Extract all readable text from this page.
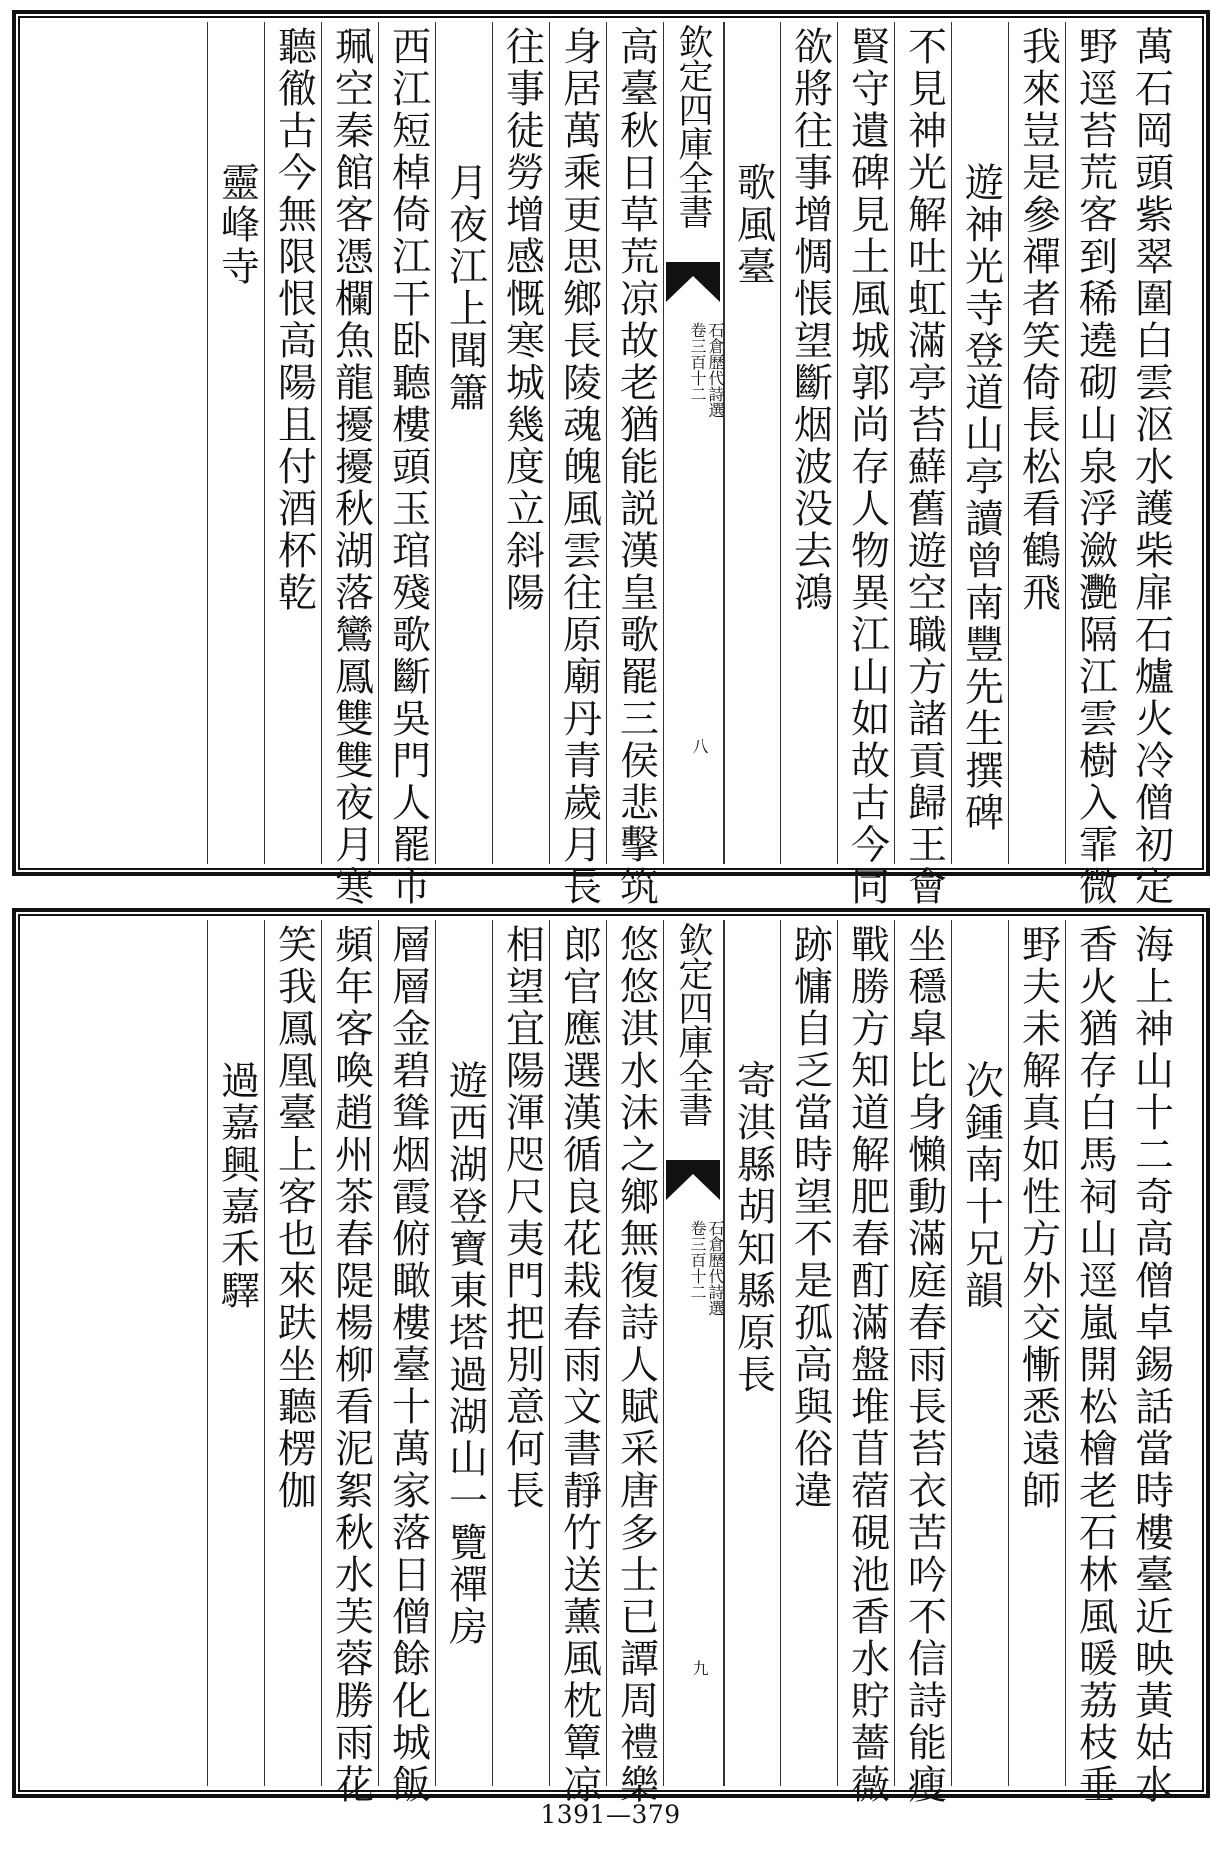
萬石岡頭紫翠圍白雲沤水護柴扉石爐火冷僧初定
野逕苔荒客到稀遶砌山泉浮瀲灧隔江雲樹入霏微
我來豈是參禪者笑倚長松看鶴飛
遊神光寺登道山亭讀曾南豐先生撰碑
不見神光解吐虹滿亭苔蘚舊遊空職方諸貢歸王會
賢守遺碑見土風城郭尚存人物異江山如故古今同
欲將往事增惆悵望斷烟波没去鴻
歌風臺
欽定四庫全書
石倉歷代詩選
卷三百十二
八
高臺秋日草荒凉故老猶能説漢皇歌罷三侯悲擊筑
身居萬乘更思鄉長陵魂魄風雲往原廟丹青歲月長
往事徒勞增感慨寒城幾度立斜陽
月夜江上聞簫
西江短棹倚江干卧聽樓頭玉琯殘歌斷吳門人罷市
珮空秦館客憑欄魚龍擾擾秋湖落鸞鳳雙雙夜月寒
聽徹古今無限恨高陽且付酒杯乾
靈峰寺
海上神山十二奇高僧卓錫話當時樓臺近映黃姑水
香火猶存白馬祠山逕嵐開松檜老石林風暖荔枝垂
野夫未解真如性方外交慚悉遠師
次鍾南十兄韻
坐穩皐比身懶動滿庭春雨長苔衣苦吟不信詩能瘦
戰勝方知道解肥春酊滿盤堆苜蓿硯池香水貯薔薇
跡慵自乏當時望不是孤高與俗違
寄淇縣胡知縣原長
欽定四庫全書
石倉歷代詩選
卷三百十二
九
悠悠淇水沫之鄉無復詩人賦采唐多士已譚周禮樂
郎官應選漢循良花栽春雨文書靜竹送薰風枕簟凉
相望宜陽渾咫尺夷門把別意何長
遊西湖登寶東塔過湖山一覽禪房
層層金碧聳烟霞俯瞰樓臺十萬家落日僧餘化城飯
頻年客喚趙州茶春隄楊柳看泥絮秋水芙蓉勝雨花
笑我鳳凰臺上客也來趺坐聽楞伽
過嘉興嘉禾驛
1391—379
